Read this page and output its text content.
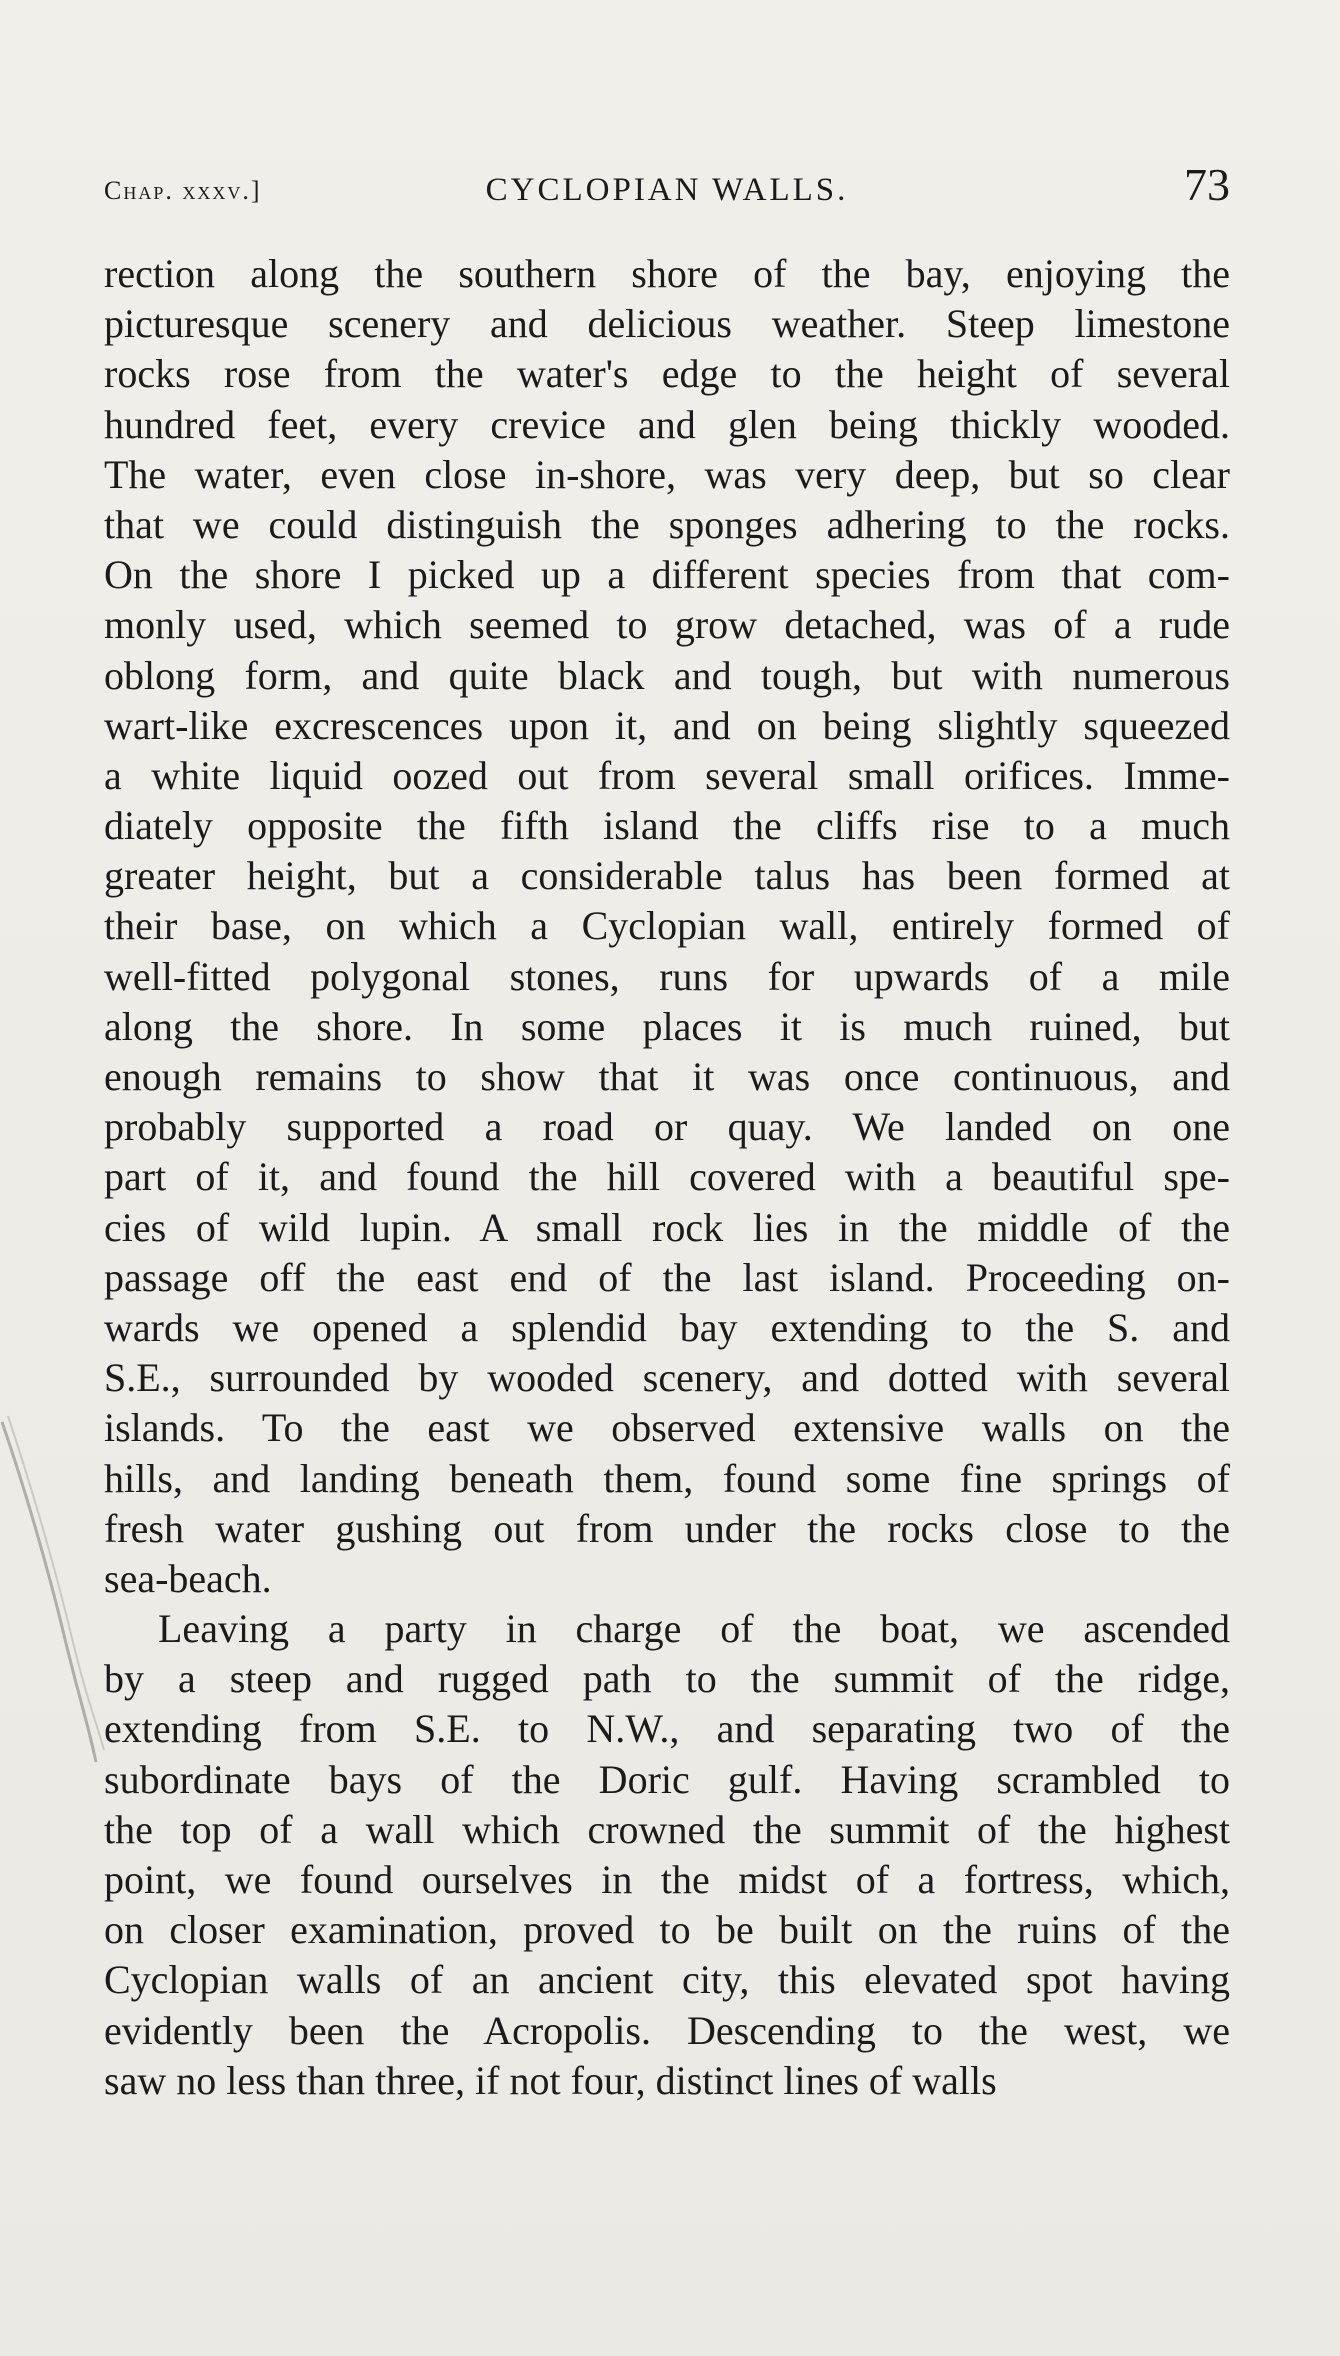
Chap. xxxv.]	CYCLOPIAN WALLS.	73
rection along the southern shore of the bay, enjoying the
picturesque scenery and delicious weather. Steep limestone
rocks rose from the water's edge to the height of several
hundred feet, every crevice and glen being thickly wooded.
The water, even close in-shore, was very deep, but so clear
that we could distinguish the sponges adhering to the rocks.
On the shore I picked up a different species from that com-
monly used, which seemed to grow detached, was of a rude
oblong form, and quite black and tough, but with numerous
wart-like excrescences upon it, and on being slightly squeezed
a white liquid oozed out from several small orifices. Imme-
diately opposite the fifth island the cliffs rise to a much
greater height, but a considerable talus has been formed at
their base, on which a Cyclopian wall, entirely formed of
well-fitted polygonal stones, runs for upwards of a mile
along the shore. In some places it is much ruined, but
enough remains to show that it was once continuous, and
probably supported a road or quay. We landed on one
part of it, and found the hill covered with a beautiful spe-
cies of wild lupin. A small rock lies in the middle of the
passage off the east end of the last island. Proceeding on-
wards we opened a splendid bay extending to the S. and
S.E., surrounded by wooded scenery, and dotted with several
islands. To the east we observed extensive walls on the
hills, and landing beneath them, found some fine springs of
fresh water gushing out from under the rocks close to the
sea-beach.
Leaving a party in charge of the boat, we ascended
by a steep and rugged path to the summit of the ridge,
extending from S.E. to N.W., and separating two of the
subordinate bays of the Doric gulf. Having scrambled to
the top of a wall which crowned the summit of the highest
point, we found ourselves in the midst of a fortress, which,
on closer examination, proved to be built on the ruins of the
Cyclopian walls of an ancient city, this elevated spot having
evidently been the Acropolis. Descending to the west, we
saw no less than three, if not four, distinct lines of walls
